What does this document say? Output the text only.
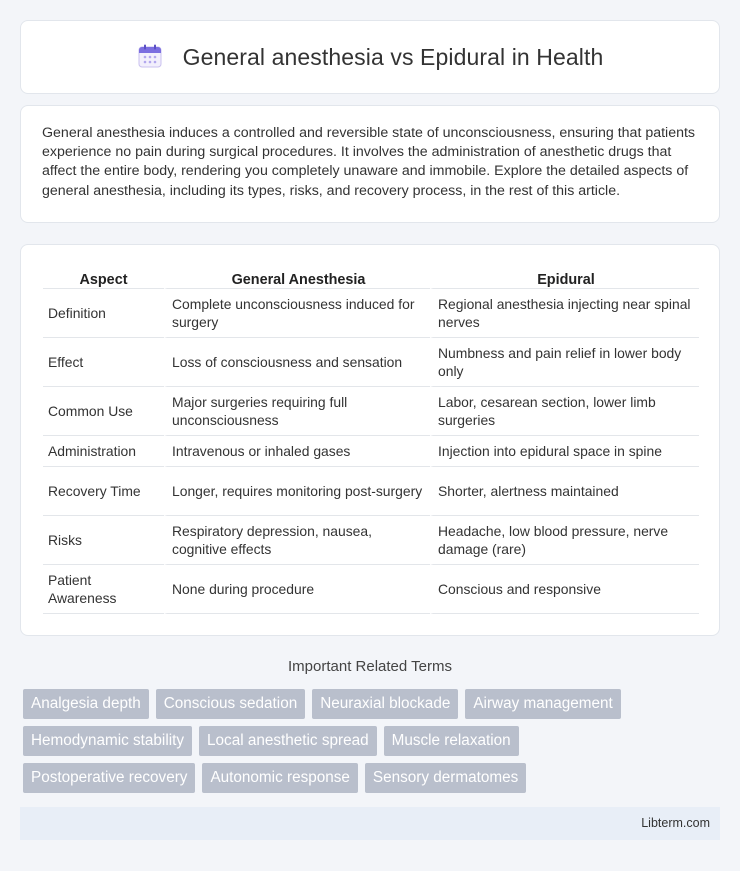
General anesthesia vs Epidural in Health

General anesthesia induces a controlled and reversible state of unconsciousness, ensuring that patients experience no pain during surgical procedures. It involves the administration of anesthetic drugs that affect the entire body, rendering you completely unaware and immobile. Explore the detailed aspects of general anesthesia, including its types, risks, and recovery process, in the rest of this article.

Aspect	General Anesthesia	Epidural
Definition	Complete unconsciousness induced for surgery	Regional anesthesia injecting near spinal nerves
Effect	Loss of consciousness and sensation	Numbness and pain relief in lower body only
Common Use	Major surgeries requiring full unconsciousness	Labor, cesarean section, lower limb surgeries
Administration	Intravenous or inhaled gases	Injection into epidural space in spine
Recovery Time	Longer, requires monitoring post-surgery	Shorter, alertness maintained
Risks	Respiratory depression, nausea, cognitive effects	Headache, low blood pressure, nerve damage (rare)
Patient Awareness	None during procedure	Conscious and responsive
Important Related Terms
Analgesia depth	Conscious sedation	Neuraxial blockade	Airway management
Hemodynamic stability	Local anesthetic spread	Muscle relaxation
Postoperative recovery	Autonomic response	Sensory dermatomes
Libterm.com
